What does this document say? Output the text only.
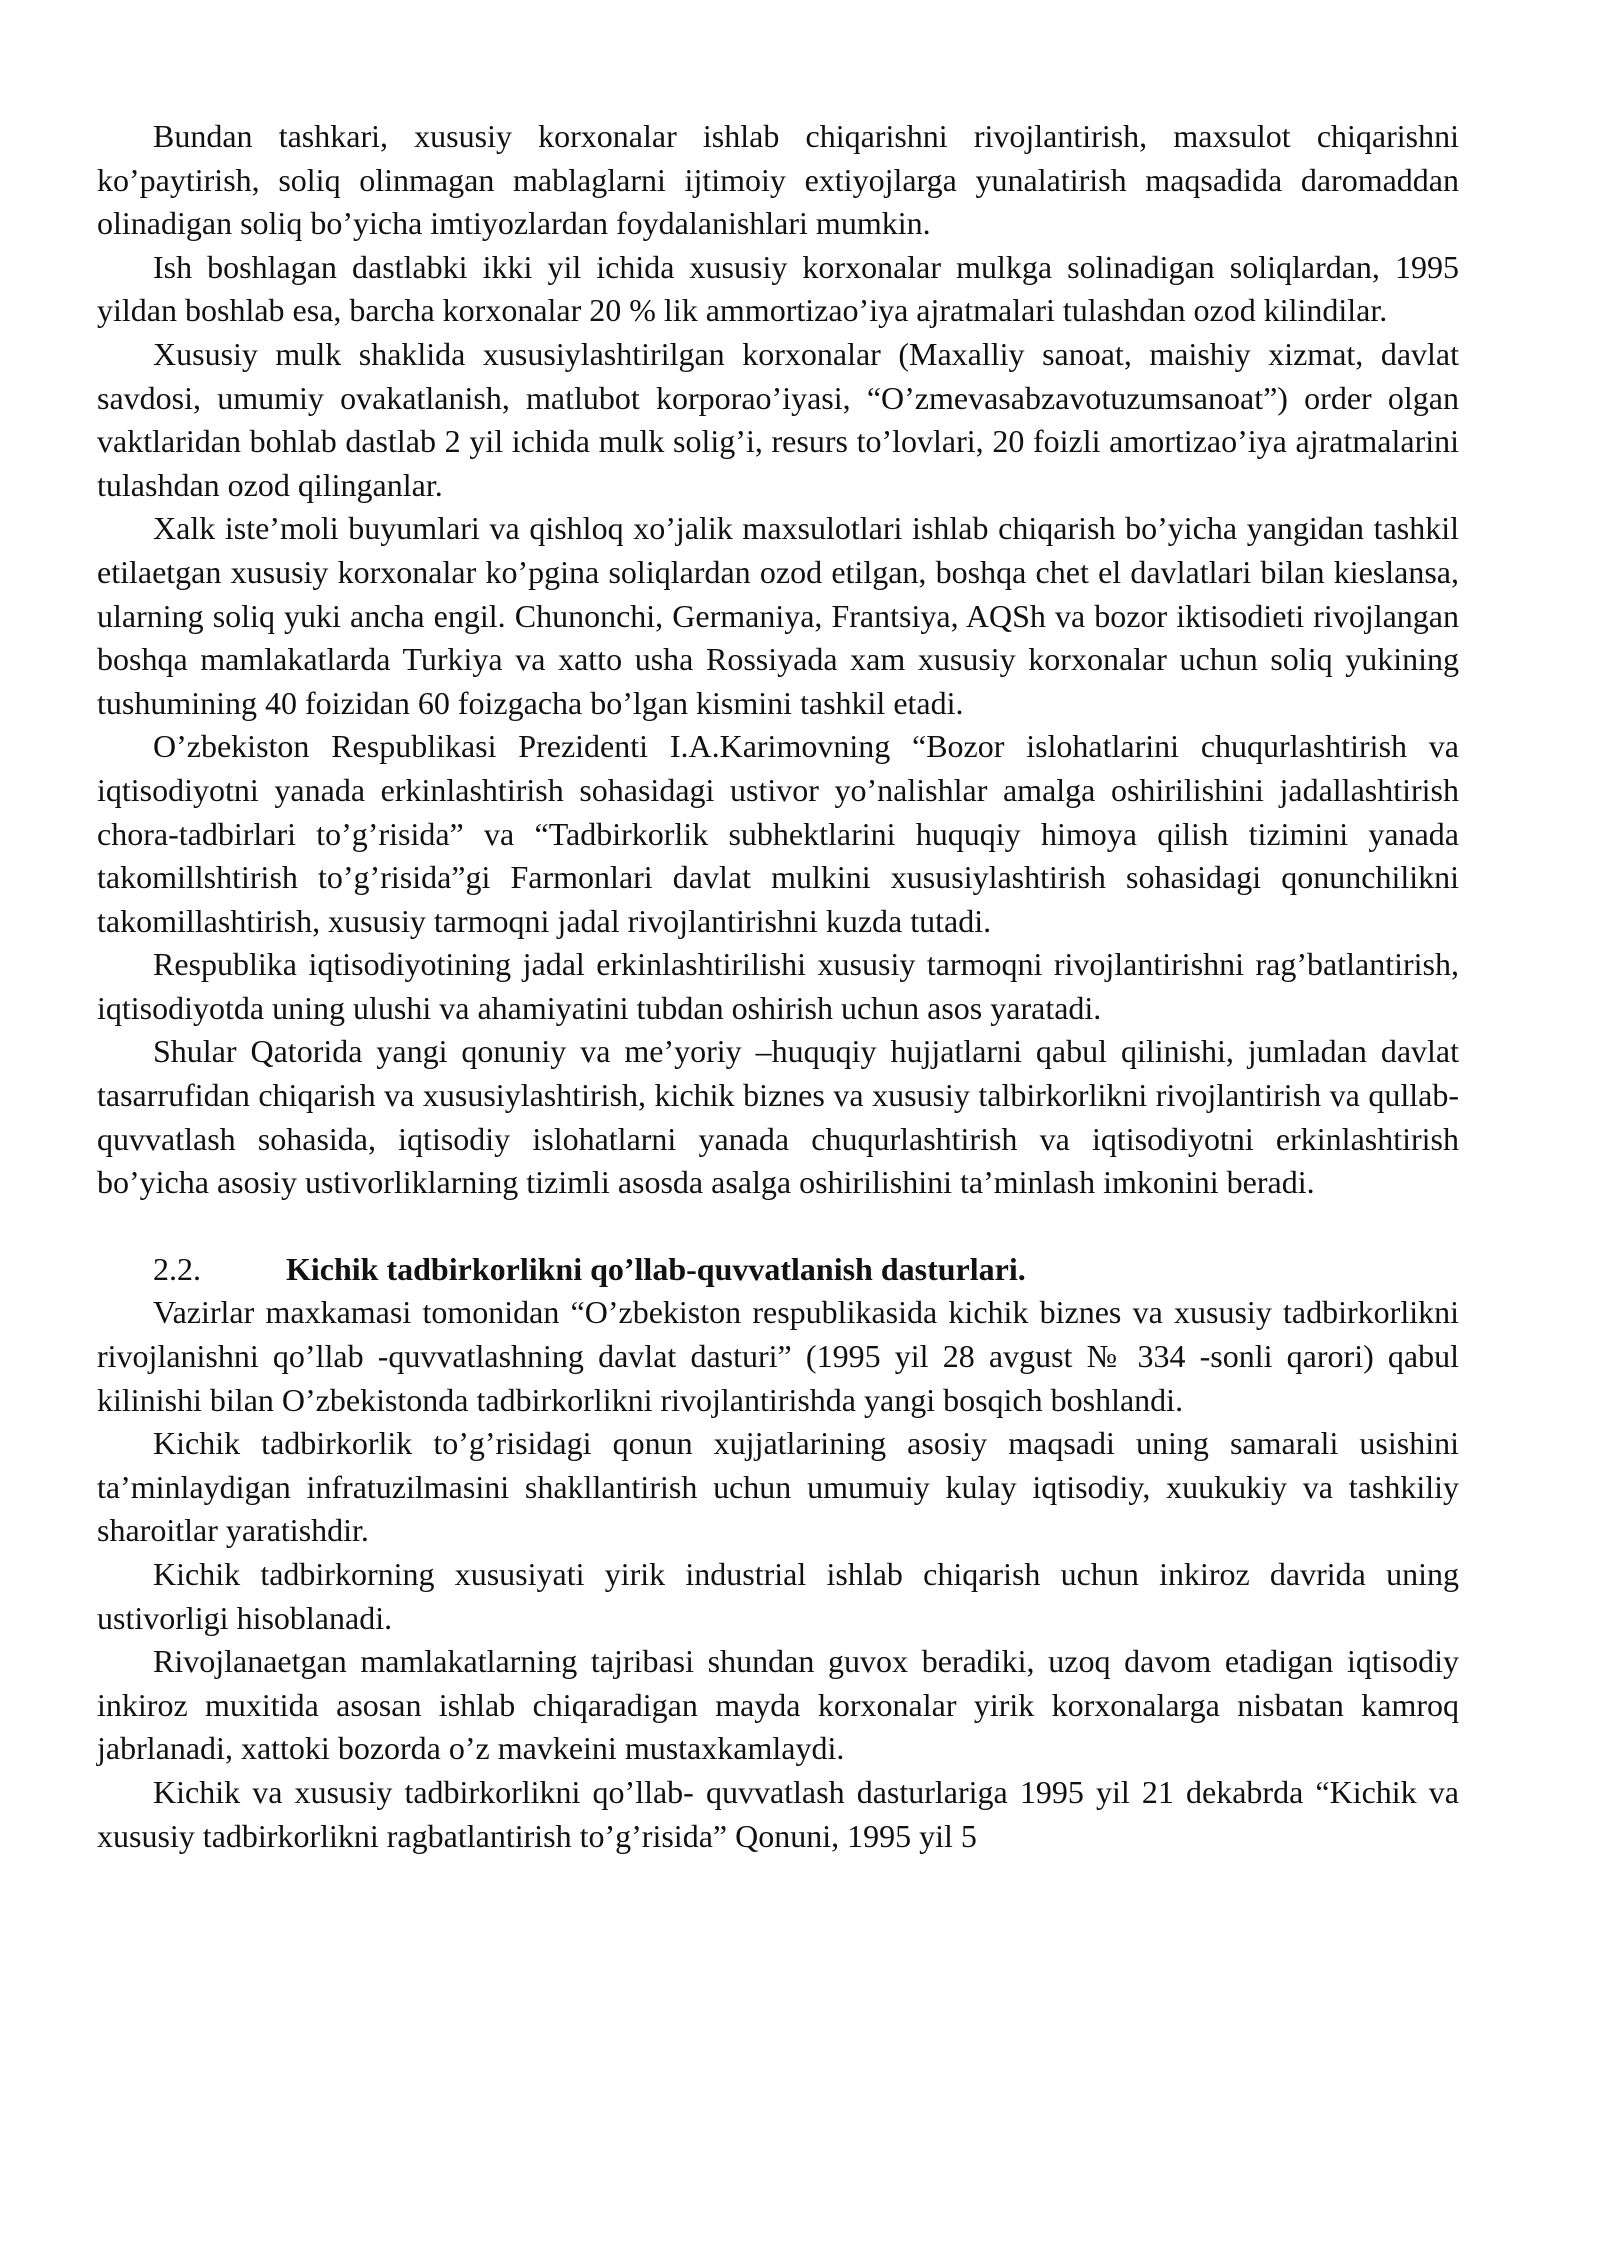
Bundan tashkari, xususiy korxonalar ishlab chiqarishni rivojlantirish, maxsulot chiqarishni ko’paytirish, soliq olinmagan mablaglarni ijtimoiy extiyojlarga yunalatirish maqsadida daromaddan olinadigan soliq bo’yicha imtiyozlardan foydalanishlari mumkin.

Ish boshlagan dastlabki ikki yil ichida xususiy korxonalar mulkga solinadigan soliqlardan, 1995 yildan boshlab esa, barcha korxonalar 20 % lik ammortizao’iya ajratmalari tulashdan ozod kilindilar.

Xususiy mulk shaklida xususiylashtirilgan korxonalar (Maxalliy sanoat, maishiy xizmat, davlat savdosi, umumiy ovakatlanish, matlubot korporao’iyasi, “O’zmevasabzavotuzumsanoat”) order olgan vaktlaridan bohlab dastlab 2 yil ichida mulk solig’i, resurs to’lovlari, 20 foizli amortizao’iya ajratmalarini tulashdan ozod qilinganlar.

Xalk iste’moli buyumlari va qishloq xo’jalik maxsulotlari ishlab chiqarish bo’yicha yangidan tashkil etilaetgan xususiy korxonalar ko’pgina soliqlardan ozod etilgan, boshqa chet el davlatlari bilan kieslansa, ularning soliq yuki ancha engil. Chunonchi, Germaniya, Frantsiya, AQSh va bozor iktisodieti rivojlangan boshqa mamlakatlarda Turkiya va xatto usha Rossiyada xam xususiy korxonalar uchun soliq yukining tushumining 40 foizidan 60 foizgacha bo’lgan kismini tashkil etadi.

O’zbekiston Respublikasi Prezidenti I.A.Karimovning “Bozor islohatlarini chuqurlashtirish va iqtisodiyotni yanada erkinlashtirish sohasidagi ustivor yo’nalishlar amalga oshirilishini jadallashtirish chora-tadbirlari to’g’risida” va “Tadbirkorlik subhektlarini huquqiy himoya qilish tizimini yanada takomillshtirish to’g’risida”gi Farmonlari davlat mulkini xususiylashtirish sohasidagi qonunchilikni takomillashtirish, xususiy tarmoqni jadal rivojlantirishni kuzda tutadi.

Respublika iqtisodiyotining jadal erkinlashtirilishi xususiy tarmoqni rivojlantirishni rag’batlantirish, iqtisodiyotda uning ulushi va ahamiyatini tubdan oshirish uchun asos yaratadi.

Shular Qatorida yangi qonuniy va me’yoriy –huquqiy hujjatlarni qabul qilinishi, jumladan davlat tasarrufidan chiqarish va xususiylashtirish, kichik biznes va xususiy talbirkorlikni rivojlantirish va qullab-quvvatlash sohasida, iqtisodiy islohatlarni yanada chuqurlashtirish va iqtisodiyotni erkinlashtirish bo’yicha asosiy ustivorliklarning tizimli asosda asalga oshirilishini ta’minlash imkonini beradi.

2.2.	Kichik tadbirkorlikni qo’llab-quvvatlanish dasturlari.

Vazirlar maxkamasi tomonidan “O’zbekiston respublikasida kichik biznes va xususiy tadbirkorlikni rivojlanishni qo’llab -quvvatlashning davlat dasturi” (1995 yil 28 avgust № 334 -sonli qarori) qabul kilinishi bilan O’zbekistonda tadbirkorlikni rivojlantirishda yangi bosqich boshlandi.

Kichik tadbirkorlik to’g’risidagi qonun xujjatlarining asosiy maqsadi uning samarali usishini ta’minlaydigan infratuzilmasini shakllantirish uchun umumuiy kulay iqtisodiy, xuukukiy va tashkiliy sharoitlar yaratishdir.

Kichik tadbirkorning xususiyati yirik industrial ishlab chiqarish uchun inkiroz davrida uning ustivorligi hisoblanadi.

Rivojlanaetgan mamlakatlarning tajribasi shundan guvox beradiki, uzoq davom etadigan iqtisodiy inkiroz muxitida asosan ishlab chiqaradigan mayda korxonalar yirik korxonalarga nisbatan kamroq jabrlanadi, xattoki bozorda o’z mavkeini mustaxkamlaydi.

Kichik va xususiy tadbirkorlikni qo’llab- quvvatlash dasturlariga 1995 yil 21 dekabrda “Kichik va xususiy tadbirkorlikni ragbatlantirish to’g’risida” Qonuni, 1995 yil 5
